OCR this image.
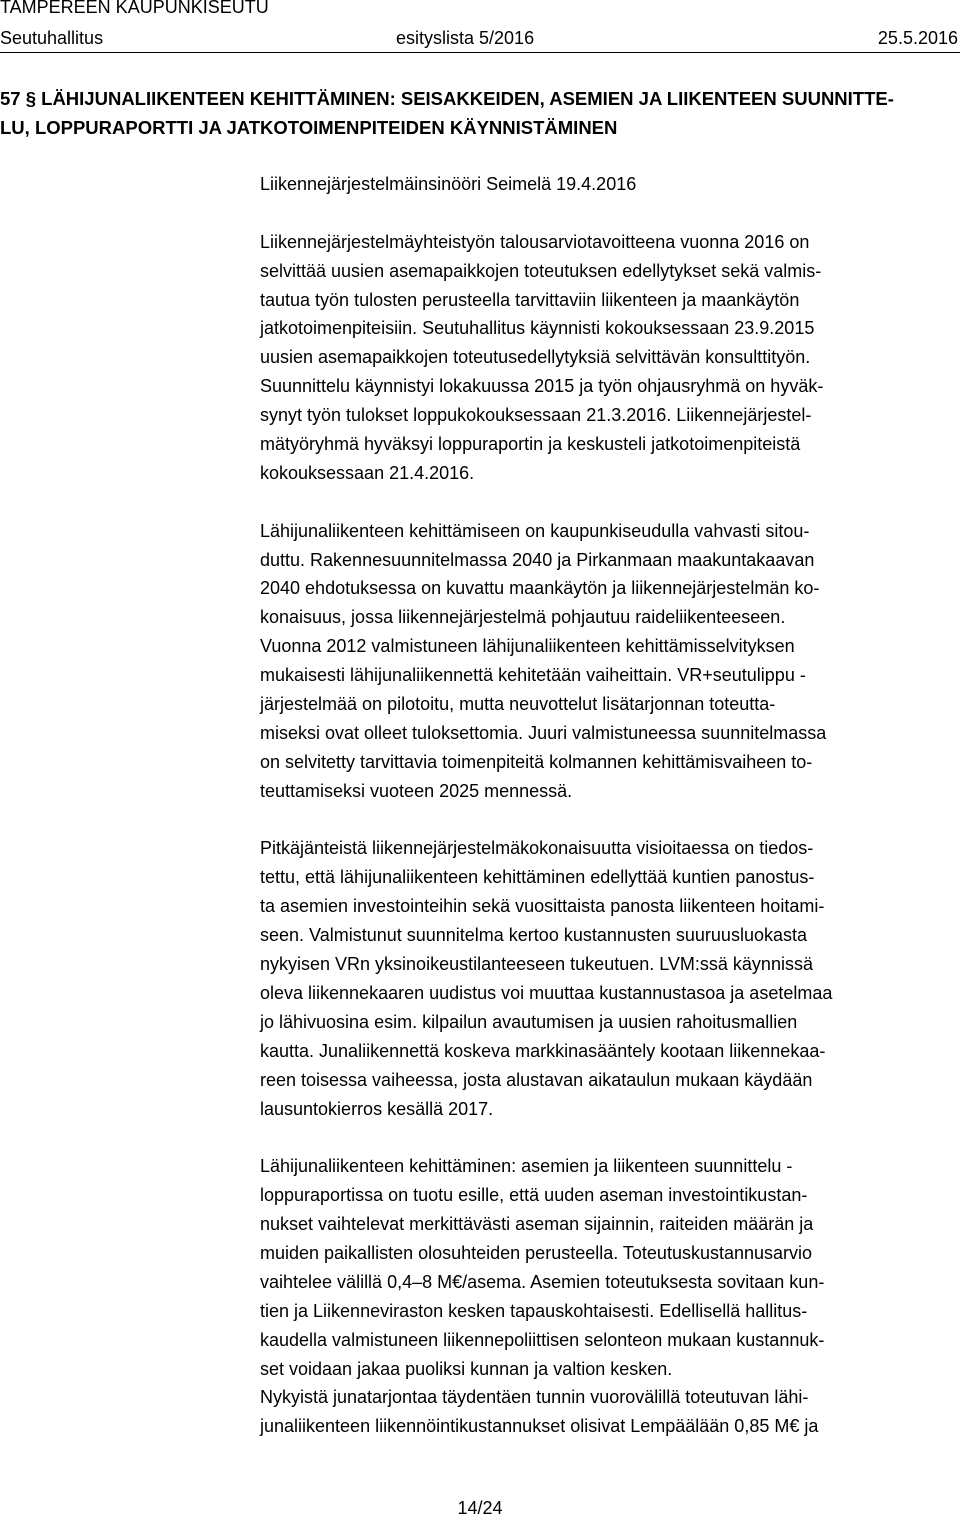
TAMPEREEN KAUPUNKISEUTU
Seutuhallitus	esityslista 5/2016	25.5.2016
57 § LÄHIJUNALIIKENTEEN KEHITTÄMINEN: SEISAKKEIDEN, ASEMIEN JA LIIKENTEEN SUUNNITTE-
LU, LOPPURAPORTTI JA JATKOTOIMENPITEIDEN KÄYNNISTÄMINEN
Liikennejärjestelmäinsinööri Seimelä 19.4.2016
Liikennejärjestelmäyhteistyön talousarviotavoitteena vuonna 2016 on
selvittää uusien asemapaikkojen toteutuksen edellytykset sekä valmis-
tautua työn tulosten perusteella tarvittaviin liikenteen ja maankäytön
jatkotoimenpiteisiin. Seutuhallitus käynnisti kokouksessaan 23.9.2015
uusien asemapaikkojen toteutusedellytyksiä selvittävän konsulttityön.
Suunnittelu käynnistyi lokakuussa 2015 ja työn ohjausryhmä on hyväk-
synyt työn tulokset loppukokouksessaan 21.3.2016. Liikennejärjestel-
mätyöryhmä hyväksyi loppuraportin ja keskusteli jatkotoimenpiteistä
kokouksessaan 21.4.2016.
Lähijunaliikenteen kehittämiseen on kaupunkiseudulla vahvasti sitou-
duttu. Rakennesuunnitelmassa 2040 ja Pirkanmaan maakuntakaavan
2040 ehdotuksessa on kuvattu maankäytön ja liikennejärjestelmän ko-
konaisuus, jossa liikennejärjestelmä pohjautuu raideliikenteeseen.
Vuonna 2012 valmistuneen lähijunaliikenteen kehittämisselvityksen
mukaisesti lähijunaliikennettä kehitetään vaiheittain. VR+seutulippu -
järjestelmää on pilotoitu, mutta neuvottelut lisätarjonnan toteutta-
miseksi ovat olleet tuloksettomia. Juuri valmistuneessa suunnitelmassa
on selvitetty tarvittavia toimenpiteitä kolmannen kehittämisvaiheen to-
teuttamiseksi vuoteen 2025 mennessä.
Pitkäjänteistä liikennejärjestelmäkokonaisuutta visioitaessa on tiedos-
tettu, että lähijunaliikenteen kehittäminen edellyttää kuntien panostus-
ta asemien investointeihin sekä vuosittaista panosta liikenteen hoitami-
seen. Valmistunut suunnitelma kertoo kustannusten suuruusluokasta
nykyisen VRn yksinoikeustilanteeseen tukeutuen. LVM:ssä käynnissä
oleva liikennekaaren uudistus voi muuttaa kustannustasoa ja asetelmaa
jo lähivuosina esim. kilpailun avautumisen ja uusien rahoitusmallien
kautta. Junaliikennettä koskeva markkinasääntely kootaan liikennekaa-
reen toisessa vaiheessa, josta alustavan aikataulun mukaan käydään
lausuntokierros kesällä 2017.
Lähijunaliikenteen kehittäminen: asemien ja liikenteen suunnittelu -
loppuraportissa on tuotu esille, että uuden aseman investointikustan-
nukset vaihtelevat merkittävästi aseman sijainnin, raiteiden määrän ja
muiden paikallisten olosuhteiden perusteella. Toteutuskustannusarvio
vaihtelee välillä 0,4–8 M€/asema. Asemien toteutuksesta sovitaan kun-
tien ja Liikenneviraston kesken tapauskohtaisesti. Edellisellä hallitus-
kaudella valmistuneen liikennepoliittisen selonteon mukaan kustannuk-
set voidaan jakaa puoliksi kunnan ja valtion kesken.
Nykyistä junatarjontaa täydentäen tunnin vuorovälillä toteutuvan lähi-
junaliikenteen liikennöintikustannukset olisivat Lempäälään 0,85 M€ ja
14/24
